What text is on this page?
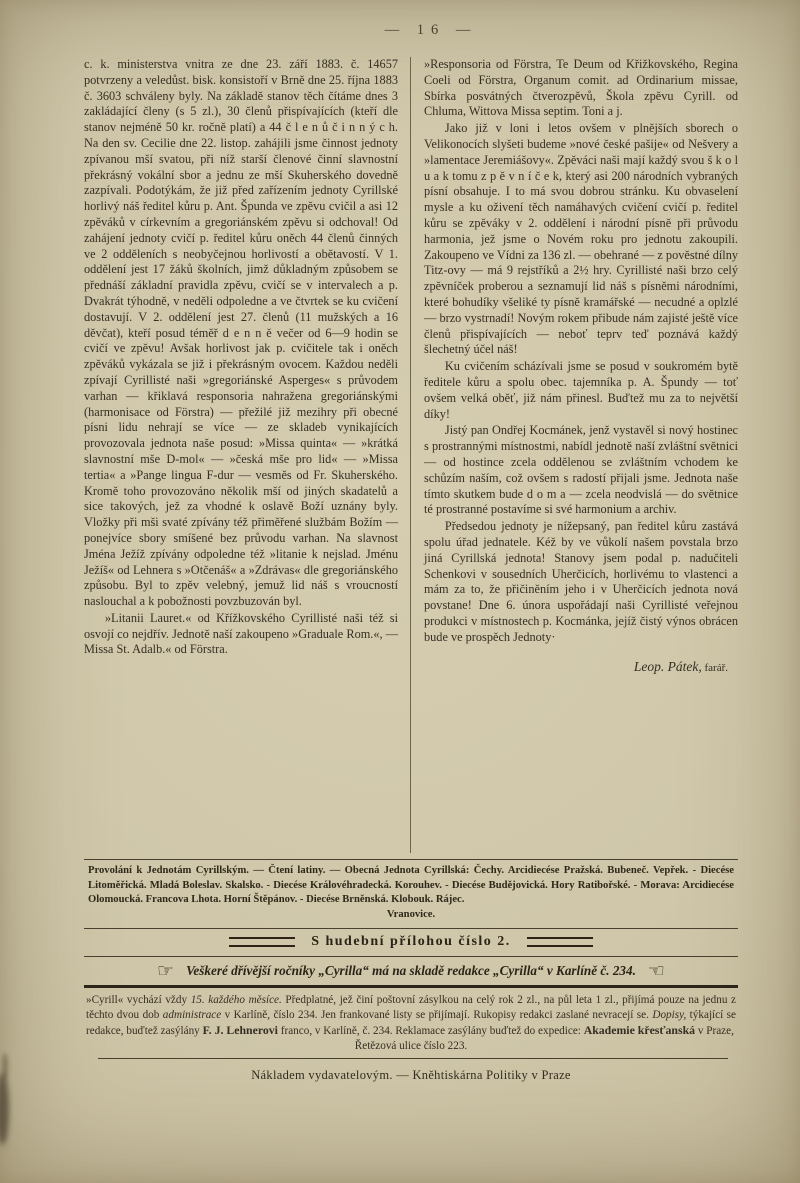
— 16 —

c. k. ministerstva vnitra ze dne 23. září 1883. č. 14657 potvrzeny a veledůst. bisk. konsistoří v Brně dne 25. října 1883 č. 3603 schváleny byly. Na základě stanov těch čítáme dnes 3 zakládající členy (s 5 zl.), 30 členů přispívajících (kteří dle stanov nejméně 50 kr. ročně platí) a 44 č l e n ů č i n n ý c h. Na den sv. Cecilie dne 22. listop. zahájili jsme činnost jednoty zpívanou mší svatou, při níž starší členové činní slavnostní překrásný vokální sbor a jednu ze mší Skuherského dovedně zazpívali. Podotýkám, že již před zařízením jednoty Cyrillské horlivý náš ředitel kůru p. Ant. Špunda ve zpěvu cvičil a asi 12 zpěváků v církevním a gregoriánském zpěvu si odchoval! Od zahájení jednoty cvičí p. ředitel kůru oněch 44 členů činných ve 2 odděleních s neobyčejnou horlivostí a obětavostí. V 1. oddělení jest 17 žáků školních, jimž důkladným způsobem se přednáší základní pravidla zpěvu, cvičí se v intervalech a p. Dvakrát týhodně, v neděli odpoledne a ve čtvrtek se ku cvičení dostavují. V 2. oddělení jest 27. členů (11 mužských a 16 děvčat), kteří posud téměř d e n n ě večer od 6—9 hodin se cvičí ve zpěvu! Avšak horlivost jak p. cvičitele tak i oněch zpěváků vykázala se již i překrásným ovocem. Každou neděli zpívají Cyrillisté naši »gregoriánské Asperges« s průvodem varhan — křiklavá responsoria nahražena gregoriánskými (harmonisace od Förstra) — přežilé již mezihry při obecné písni lidu nehrají se více — ze skladeb vynikajících provozovala jednota naše posud: »Missa quinta« — »krátká slavnostní mše D-mol« — »česká mše pro lid« — »Missa tertia« a »Pange lingua F-dur — vesměs od Fr. Skuherského. Kromě toho provozováno několik mší od jiných skadatelů a sice takových, jež za vhodné k oslavě Boží uznány byly. Vložky při mši svaté zpívány též přiměřené službám Božím — ponejvíce sbory smíšené bez průvodu varhan. Na slavnost Jména Ježíž zpívány odpoledne též »litanie k nejslad. Jménu Ježíš« od Lehnera s »Otčenáš« a »Zdrávas« dle gregoriánského způsobu. Byl to zpěv velebný, jemuž lid náš s vroucností naslouchal a k pobožnosti povzbuzován byl.

»Litanii Lauret.« od Křížkovského Cyrillisté naši též si osvojí co nejdřív. Jednotě naší zakoupeno »Graduale Rom.«, — Missa St. Adalb.« od Förstra.

»Responsoria od Förstra, Te Deum od Křižkovského, Regina Coeli od Förstra, Organum comit. ad Ordinarium missae, Sbírka posvátných čtverozpěvů, Škola zpěvu Cyrill. od Chluma, Wittova Missa septim. Toni a j.

Jako již v loni i letos ovšem v plnějších sborech o Velikonocích slyšeti budeme »nové české pašije« od Nešvery a »lamentace Jeremiášovy«. Zpěváci naši mají každý svou š k o l u a k tomu z p ě v n í č e k, který asi 200 národních vybraných písní obsahuje. I to má svou dobrou stránku. Ku obvaselení mysle a ku oživení těch namáhavých cvičení cvičí p. ředitel kůru se zpěváky v 2. oddělení i národní písně při průvodu harmonia, jež jsme o Novém roku pro jednotu zakoupili. Zakoupeno ve Vídni za 136 zl. — obehrané — z pověstné dílny Titz-ovy — má 9 rejstříků a 2½ hry. Cyrillisté naši brzo celý zpěvníček proberou a seznamují lid náš s písněmi národními, které bohudíky všeliké ty písně kramářské — necudné a oplzlé — brzo vystrnadí! Novým rokem přibude nám zajisté ještě více členů přispívajících — neboť teprv teď poznává každý šlechetný účel náš!

Ku cvičením scházívali jsme se posud v soukromém bytě ředitele kůru a spolu obec. tajemníka p. A. Špundy — toť ovšem velká oběť, již nám přinesl. Buďtež mu za to největší díky!

Jistý pan Ondřej Kocmánek, jenž vystavěl si nový hostinec s prostrannými místnostmi, nabídl jednotě naší zvláštní světnici — od hostince zcela oddělenou se zvláštním vchodem ke schůzím naším, což ovšem s radostí přijali jsme. Jednota naše tímto skutkem bude d o m a — zcela neodvislá — do světnice té prostranné postavíme si své harmonium a archiv.

Předsedou jednoty je nížepsaný, pan ředitel kůru zastává spolu úřad jednatele. Kéž by ve vůkolí našem povstala brzo jiná Cyrillská jednota! Stanovy jsem podal p. nadučiteli Schenkovi v sousedních Uherčicích, horlivému to vlastenci a mám za to, že přičiněním jeho i v Uherčicích jednota nová povstane! Dne 6. února uspořádají naši Cyrillisté veřejnou produkci v místnostech p. Kocmánka, jejíž čistý výnos obrácen bude ve prospěch Jednoty·

Leop. Pátek, farář.
Provolání k Jednotám Cyrillským. — Čtení latiny. — Obecná Jednota Cyrillská: Čechy. Arcidiecése Pražská. Bubeneč. Vepřek. - Diecése Litoměřická. Mladá Boleslav. Skalsko. - Diecése Královéhradecká. Korouhev. - Diecése Budějovická. Hory Ratibořské. - Morava: Arcidiecése Olomoucká. Francova Lhota. Horní Štěpánov. - Diecése Brněnská. Klobouk. Rájec.
Vranovice.
S hudební přílohou číslo 2.
☞ Veškeré dřívější ročníky „Cyrilla“ má na skladě redakce „Cyrilla“ v Karlíně č. 234. ☜
»Cyrill« vychází vždy 15. každého měsíce. Předplatné, jež činí poštovní zásylkou na celý rok 2 zl., na půl leta 1 zl., přijímá pouze na jednu z těchto dvou dob administrace v Karlíně, číslo 234. Jen frankované listy se přijímají. Rukopisy redakci zaslané nevracejí se. Dopisy, týkající se redakce, buďtež zasýlány F. J. Lehnerovi franco, v Karlíně, č. 234. Reklamace zasýlány buďtež do expedice: Akademie křesťanská v Praze,
Řetězová ulice číslo 223.
Nákladem vydavatelovým. — Kněhtiskárna Politiky v Praze
